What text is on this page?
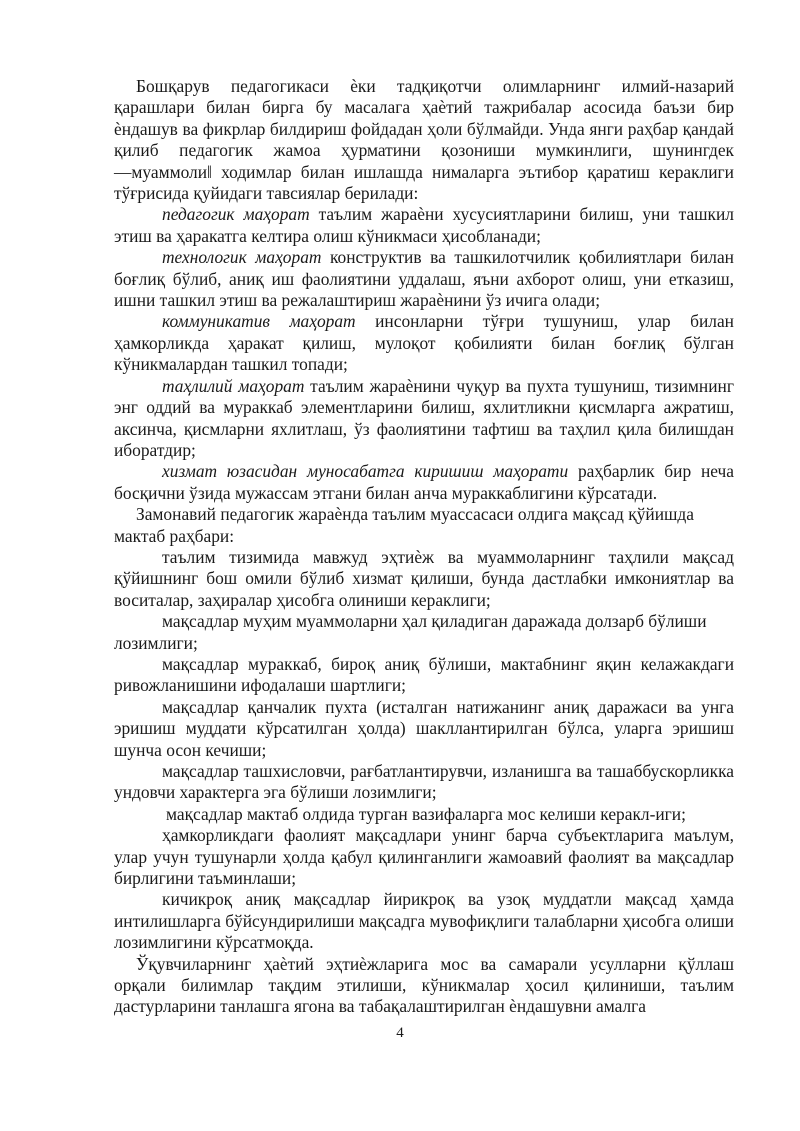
Бошқарув педагогикаси ѐки тадқиқотчи олимларнинг илмий-назарий қарашлари билан бирга бу масалага ҳаѐтий тажрибалар асосида баъзи бир ѐндашув ва фикрлар билдириш фойдадан ҳоли бўлмайди. Унда янги раҳбар қандай қилиб педагогик жамоа ҳурматини қозониши мумкинлиги, шунингдек ―муаммоли‖ ходимлар билан ишлашда нималарга эътибор қаратиш кераклиги тўғрисида қуйидаги тавсиялар берилади:

педагогик маҳорат таълим жараѐни хусусиятларини билиш, уни ташкил этиш ва ҳаракатга келтира олиш кўникмаси ҳисобланади;

технологик маҳорат конструктив ва ташкилотчилик қобилиятлари билан боғлиқ бўлиб, аниқ иш фаолиятини уддалаш, яъни ахборот олиш, уни етказиш, ишни ташкил этиш ва режалаштириш жараѐнини ўз ичига олади;

коммуникатив маҳорат инсонларни тўғри тушуниш, улар билан ҳамкорликда ҳаракат қилиш, мулоқот қобилияти билан боғлиқ бўлган кўникмалардан ташкил топади;

таҳлилий маҳорат таълим жараѐнини чуқур ва пухта тушуниш, тизимнинг энг оддий ва мураккаб элементларини билиш, яхлитликни қисмларга ажратиш, аксинча, қисмларни яхлитлаш, ўз фаолиятини тафтиш ва таҳлил қила билишдан иборатдир;

хизмат юзасидан муносабатга киришиш маҳорати раҳбарлик бир неча босқични ўзида мужассам этгани билан анча мураккаблигини кўрсатади.

Замонавий педагогик жараѐнда таълим муассасаси олдига мақсад қўйишда мактаб раҳбари:

таълим тизимида мавжуд эҳтиѐж ва муаммоларнинг таҳлили мақсад қўйишнинг бош омили бўлиб хизмат қилиши, бунда дастлабки имкониятлар ва воситалар, заҳиралар ҳисобга олиниши кераклиги;

мақсадлар муҳим муаммоларни ҳал қиладиган даражада долзарб бўлиши лозимлиги;

мақсадлар мураккаб, бироқ аниқ бўлиши, мактабнинг яқин келажакдаги ривожланишини ифодалаши шартлиги;

мақсадлар қанчалик пухта (исталган натижанинг аниқ даражаси ва унга эришиш муддати кўрсатилган ҳолда) шакллантирилган бўлса, уларга эришиш шунча осон кечиши;

мақсадлар ташхисловчи, рағбатлантирувчи, изланишга ва ташаббускорликка ундовчи характерга эга бўлиши лозимлиги;

мақсадлар мактаб олдида турган вазифаларга мос келиши керакл-иги;

ҳамкорликдаги фаолият мақсадлари унинг барча субъектларига маълум, улар учун тушунарли ҳолда қабул қилинганлиги жамоавий фаолият ва мақсадлар бирлигини таъминлаши;

кичикроқ аниқ мақсадлар йирикроқ ва узоқ муддатли мақсад ҳамда интилишларга бўйсундирилиши мақсадга мувофиқлиги талабларни ҳисобга олиши лозимлигини кўрсатмоқда.

Ўқувчиларнинг ҳаѐтий эҳтиѐжларига мос ва самарали усулларни қўллаш орқали билимлар тақдим этилиши, кўникмалар ҳосил қилиниши, таълим дастурларини танлашга ягона ва табақалаштирилган ѐндашувни амалга

4
